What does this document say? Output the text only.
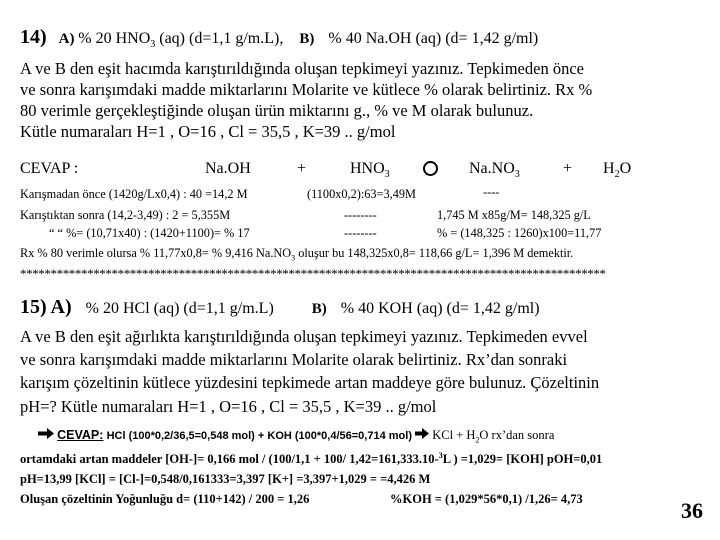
14) A) % 20 $HNO_3$ (aq) (d=1,1 g/m.L), B) % 40 Na.OH (aq) (d= 1,42 g/ml)
A ve B den eşit hacımda karıştırıldığında oluşan tepkimeyi yazınız. Tepkimeden önce
ve sonra karışımdaki madde miktarlarını Molarite ve kütlece % olarak belirtiniz. Rx %
80 verimle gerçekleştiğinde oluşan ürün miktarını g., % ve M olarak bulunuz.
Kütle numaraları H=1 , O=16 , Cl = 35,5 , K=39 .. g/mol
CEVAP :	Na.OH	+	$HNO_3$	$Na.NO_3$	+ $H_2O$
Karışmadan önce (1420g/Lx0,4) : 40 =14,2 M	(1100x0,2):63=3,49M	----
Karıştıktan sonra (14,2-3,49) : 2 = 5,355M	--------	1,745 M x85g/M= 148,325 g/L
“ “ %= (10,71x40) : (1420+1100)= % 17	--------	% = (148,325 : 1260)x100=11,77
Rx % 80 verimle olursa % 11,77x0,8= % 9,416 $Na.NO_3$ oluşur bu 148,325x0,8= 118,66 g/L= 1,396 M demektir.
************************************************************************************************
15) A) % 20 HCl (aq) (d=1,1 g/m.L)	B) % 40 KOH (aq) (d= 1,42 g/ml)
A ve B den eşit ağırlıkta karıştırıldığında oluşan tepkimeyi yazınız. Tepkimeden evvel
ve sonra karışımdaki madde miktarlarını Molarite olarak belirtiniz. Rx’dan sonraki
karışım çözeltinin kütlece yüzdesini tepkimede artan maddeye göre bulunuz. Çözeltinin
pH=? Kütle numaraları H=1 , O=16 , Cl = 35,5 , K=39 .. g/mol
CEVAP: HCl (100*0,2/36,5=0,548 mol) + KOH (100*0,4/56=0,714 mol)  KCl + $H_2O$ rx’dan sonra
ortamdaki artan maddeler [OH-]= 0,166 mol / (100/1,1 + 100/ 1,42=161,333.10-$^3$L ) =1,029= [KOH] pOH=0,01
pH=13,99 [KCl] = [Cl-]=0,548/0,161333=3,397 [K+] =3,397+1,029 = =4,426 M
Oluşan çözeltinin Yoğunluğu d= (110+142) / 200 = 1,26	%KOH = (1,029*56*0,1) /1,26= 4,73	36
